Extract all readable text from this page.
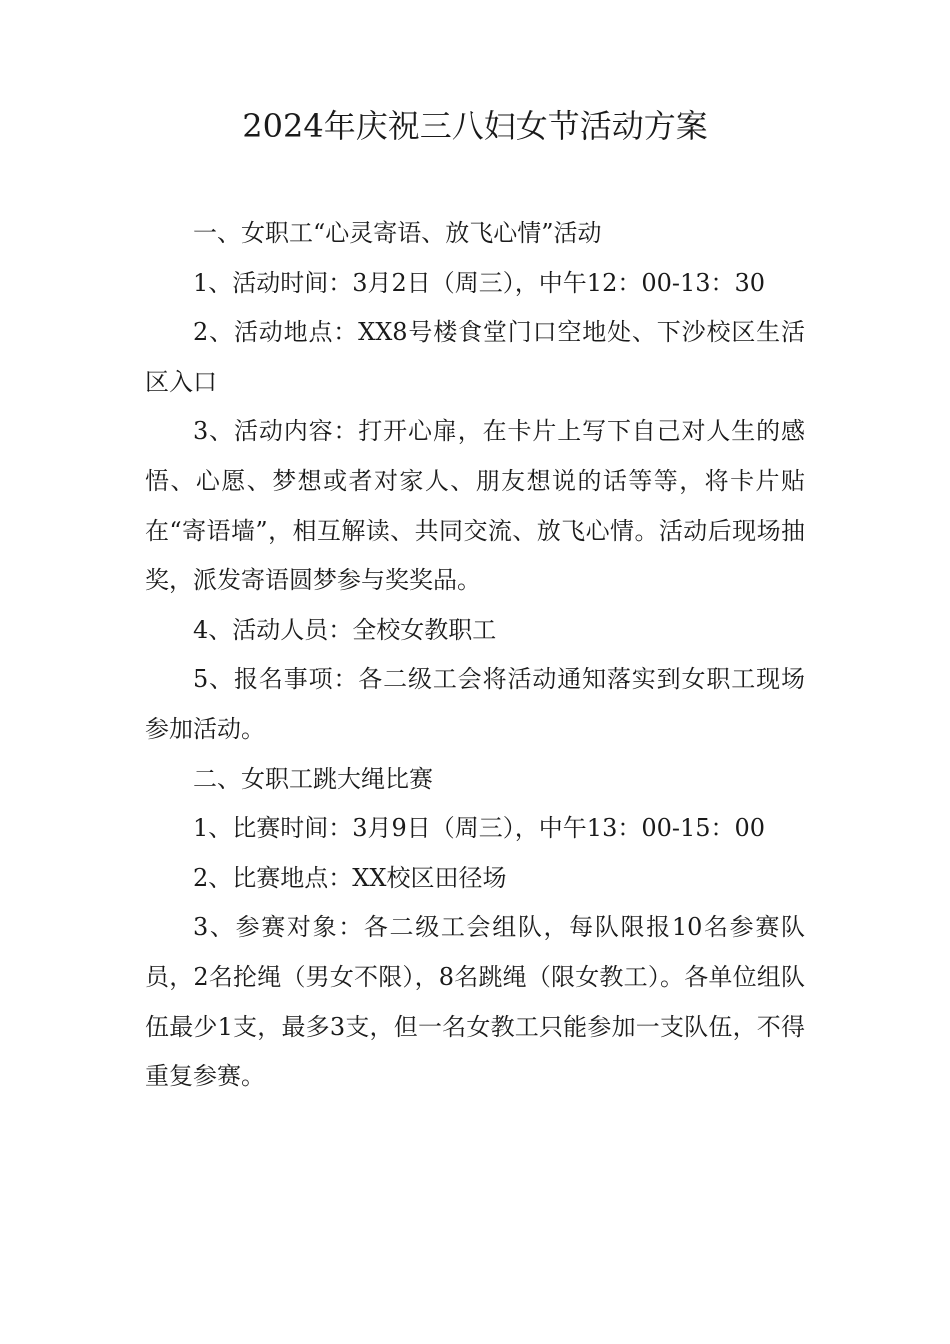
2024年庆祝三八妇女节活动方案

一、女职工“心灵寄语、放飞心情”活动

1、活动时间：3月2日（周三），中午12：00-13：30

2、活动地点：XX8号楼食堂门口空地处、下沙校区生活区入口

3、活动内容：打开心扉，在卡片上写下自己对人生的感悟、心愿、梦想或者对家人、朋友想说的话等等，将卡片贴在“寄语墙”，相互解读、共同交流、放飞心情。活动后现场抽奖，派发寄语圆梦参与奖奖品。

4、活动人员：全校女教职工

5、报名事项：各二级工会将活动通知落实到女职工现场参加活动。

二、女职工跳大绳比赛

1、比赛时间：3月9日（周三），中午13：00-15：00

2、比赛地点：XX校区田径场

3、参赛对象：各二级工会组队，每队限报10名参赛队员，2名抡绳（男女不限），8名跳绳（限女教工）。各单位组队伍最少1支，最多3支，但一名女教工只能参加一支队伍，不得重复参赛。
